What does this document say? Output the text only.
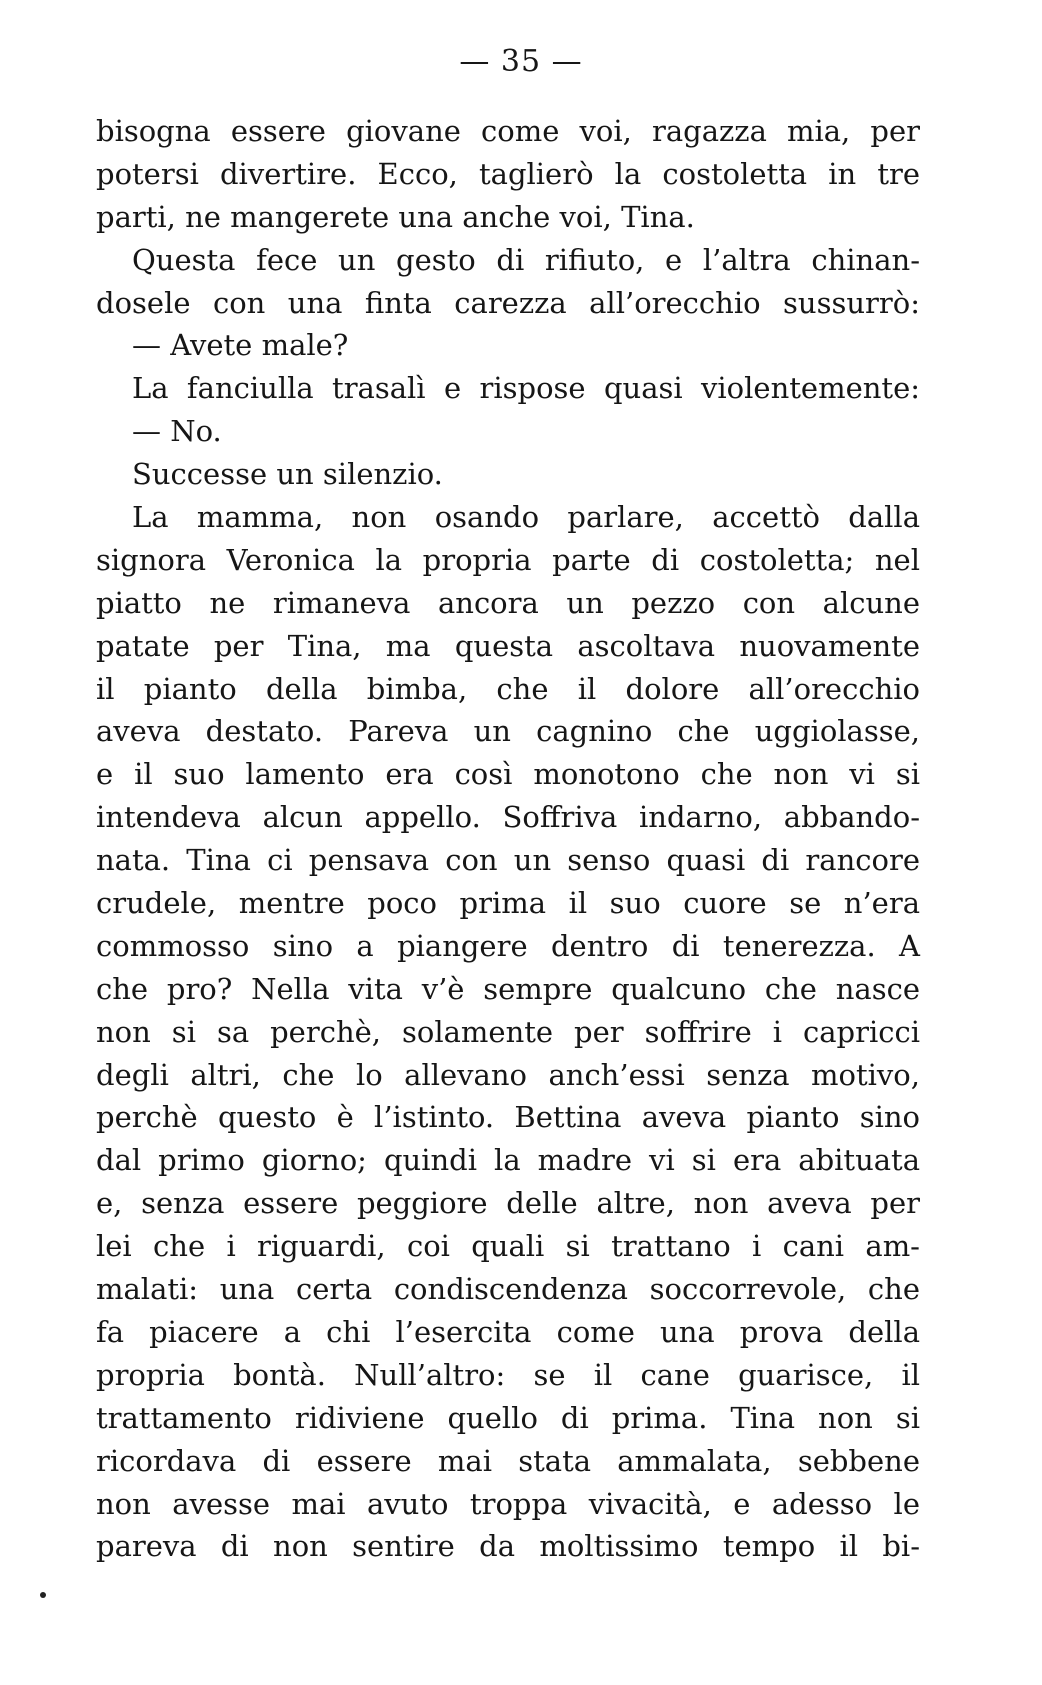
— 35 —
bisogna essere giovane come voi, ragazza mia, per
potersi divertire. Ecco, taglierò la costoletta in tre
parti, ne mangerete una anche voi, Tina.
Questa fece un gesto di rifiuto, e l’altra chinan-
dosele con una finta carezza all’orecchio sussurrò:
— Avete male?
La fanciulla trasalì e rispose quasi violentemente:
— No.
Successe un silenzio.
La mamma, non osando parlare, accettò dalla
signora Veronica la propria parte di costoletta; nel
piatto ne rimaneva ancora un pezzo con alcune
patate per Tina, ma questa ascoltava nuovamente
il pianto della bimba, che il dolore all’orecchio
aveva destato. Pareva un cagnino che uggiolasse,
e il suo lamento era così monotono che non vi si
intendeva alcun appello. Soffriva indarno, abbando-
nata. Tina ci pensava con un senso quasi di rancore
crudele, mentre poco prima il suo cuore se n’era
commosso sino a piangere dentro di tenerezza. A
che pro? Nella vita v’è sempre qualcuno che nasce
non si sa perchè, solamente per soffrire i capricci
degli altri, che lo allevano anch’essi senza motivo,
perchè questo è l’istinto. Bettina aveva pianto sino
dal primo giorno; quindi la madre vi si era abituata
e, senza essere peggiore delle altre, non aveva per
lei che i riguardi, coi quali si trattano i cani am-
malati: una certa condiscendenza soccorrevole, che
fa piacere a chi l’esercita come una prova della
propria bontà. Null’altro: se il cane guarisce, il
trattamento ridiviene quello di prima. Tina non si
ricordava di essere mai stata ammalata, sebbene
non avesse mai avuto troppa vivacità, e adesso le
pareva di non sentire da moltissimo tempo il bi-
